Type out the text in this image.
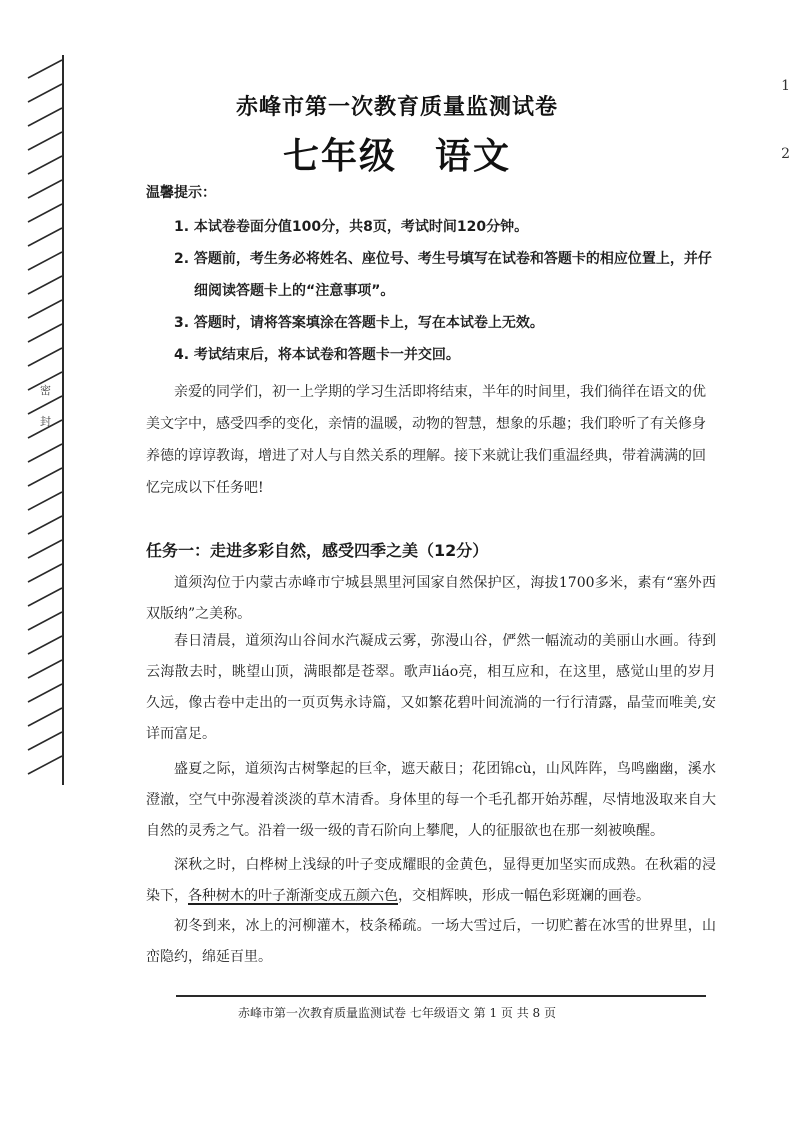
密
封
1
2
赤峰市第一次教育质量监测试卷
七年级　语文
温馨提示：
1. 本试卷卷面分值100分，共8页，考试时间120分钟。
2. 答题前，考生务必将姓名、座位号、考生号填写在试卷和答题卡的相应位置上，并仔
细阅读答题卡上的“注意事项”。
3. 答题时，请将答案填涂在答题卡上，写在本试卷上无效。
4. 考试结束后，将本试卷和答题卡一并交回。

亲爱的同学们，初一上学期的学习生活即将结束，半年的时间里，我们徜徉在语文的优美文字中，感受四季的变化，亲情的温暖，动物的智慧，想象的乐趣；我们聆听了有关修身养德的谆谆教诲，增进了对人与自然关系的理解。接下来就让我们重温经典，带着满满的回忆完成以下任务吧!

任务一：走进多彩自然，感受四季之美（12分）

道须沟位于内蒙古赤峰市宁城县黑里河国家自然保护区，海拔1700多米，素有“塞外西双版纳”之美称。

春日清晨，道须沟山谷间水汽凝成云雾，弥漫山谷，俨然一幅流动的美丽山水画。待到云海散去时，眺望山顶，满眼都是苍翠。歌声liáo亮，相互应和，在这里，感觉山里的岁月久远，像古卷中走出的一页页隽永诗篇，又如繁花碧叶间流淌的一行行清露，晶莹而唯美,安详而富足。

盛夏之际，道须沟古树擎起的巨伞，遮天蔽日；花团锦cù，山风阵阵，鸟鸣幽幽，溪水澄澈，空气中弥漫着淡淡的草木清香。身体里的每一个毛孔都开始苏醒，尽情地汲取来自大自然的灵秀之气。沿着一级一级的青石阶向上攀爬，人的征服欲也在那一刻被唤醒。

深秋之时，白桦树上浅绿的叶子变成耀眼的金黄色，显得更加坚实而成熟。在秋霜的浸染下，各种树木的叶子渐渐变成五颜六色，交相辉映，形成一幅色彩斑斓的画卷。

初冬到来，冰上的河柳灌木，枝条稀疏。一场大雪过后，一切贮蓄在冰雪的世界里，山峦隐约，绵延百里。

赤峰市第一次教育质量监测试卷 七年级语文 第 1 页 共 8 页
